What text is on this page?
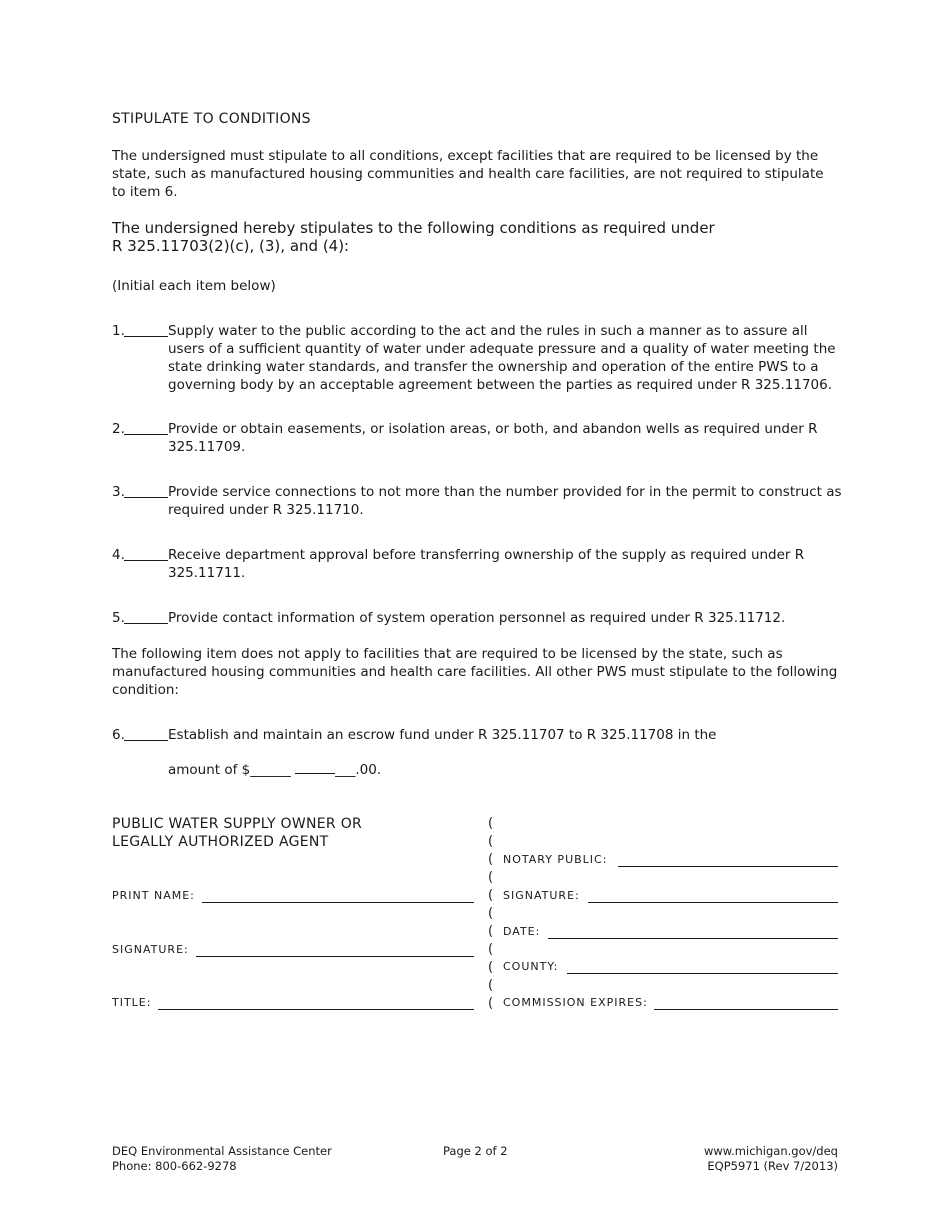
STIPULATE TO CONDITIONS
The undersigned must stipulate to all conditions, except facilities that are required to be licensed by the state, such as manufactured housing communities and health care facilities, are not required to stipulate to item 6.
The undersigned hereby stipulates to the following conditions as required under
R 325.11703(2)(c), (3), and (4):
(Initial each item below)
1.	Supply water to the public according to the act and the rules in such a manner as to assure all users of a sufficient quantity of water under adequate pressure and a quality of water meeting the state drinking water standards, and transfer the ownership and operation of the entire PWS to a governing body by an acceptable agreement between the parties as required under R 325.11706.
2.	Provide or obtain easements, or isolation areas, or both, and abandon wells as required under R 325.11709.
3.	Provide service connections to not more than the number provided for in the permit to construct as required under R 325.11710.
4.	Receive department approval before transferring ownership of the supply as required under R 325.11711.
5.	Provide contact information of system operation personnel as required under R 325.11712.
The following item does not apply to facilities that are required to be licensed by the state, such as manufactured housing communities and health care facilities. All other PWS must stipulate to the following condition:
6.	Establish and maintain an escrow fund under R 325.11707 to R 325.11708 in the
amount of $______	___.00.
PUBLIC WATER SUPPLY OWNER OR
LEGALLY AUTHORIZED AGENT
PRINT NAME:
SIGNATURE:
TITLE:
(
(
(
(
(
(
(
(
(
(
(
NOTARY PUBLIC:
SIGNATURE:
DATE:
COUNTY:
COMMISSION EXPIRES:
DEQ Environmental Assistance Center
Phone: 800-662-9278
Page 2 of 2	www.michigan.gov/deq
EQP5971 (Rev 7/2013)
